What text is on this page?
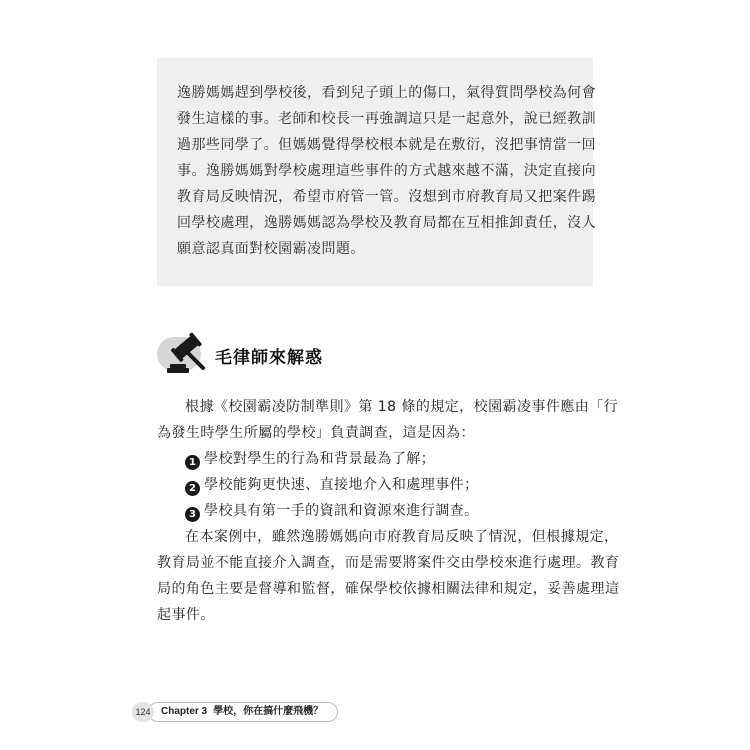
逸勝媽媽趕到學校後，看到兒子頭上的傷口，氣得質問學校為何會
發生這樣的事。老師和校長一再強調這只是一起意外，說已經教訓
過那些同學了。但媽媽覺得學校根本就是在敷衍，沒把事情當一回
事。逸勝媽媽對學校處理這些事件的方式越來越不滿，決定直接向
教育局反映情況，希望市府管一管。沒想到市府教育局又把案件踢
回學校處理，逸勝媽媽認為學校及教育局都在互相推卸責任，沒人
願意認真面對校園霸凌問題。
毛律師來解惑
根據《校園霸凌防制準則》第 18 條的規定，校園霸凌事件應由「行
為發生時學生所屬的學校」負責調查，這是因為：
1 學校對學生的行為和背景最為了解；
2 學校能夠更快速、直接地介入和處理事件；
3 學校具有第一手的資訊和資源來進行調查。
在本案例中，雖然逸勝媽媽向市府教育局反映了情況，但根據規定，
教育局並不能直接介入調查，而是需要將案件交由學校來進行處理。教育
局的角色主要是督導和監督，確保學校依據相關法律和規定，妥善處理這
起事件。
Chapter 3 學校，你在搞什麼飛機？
124
